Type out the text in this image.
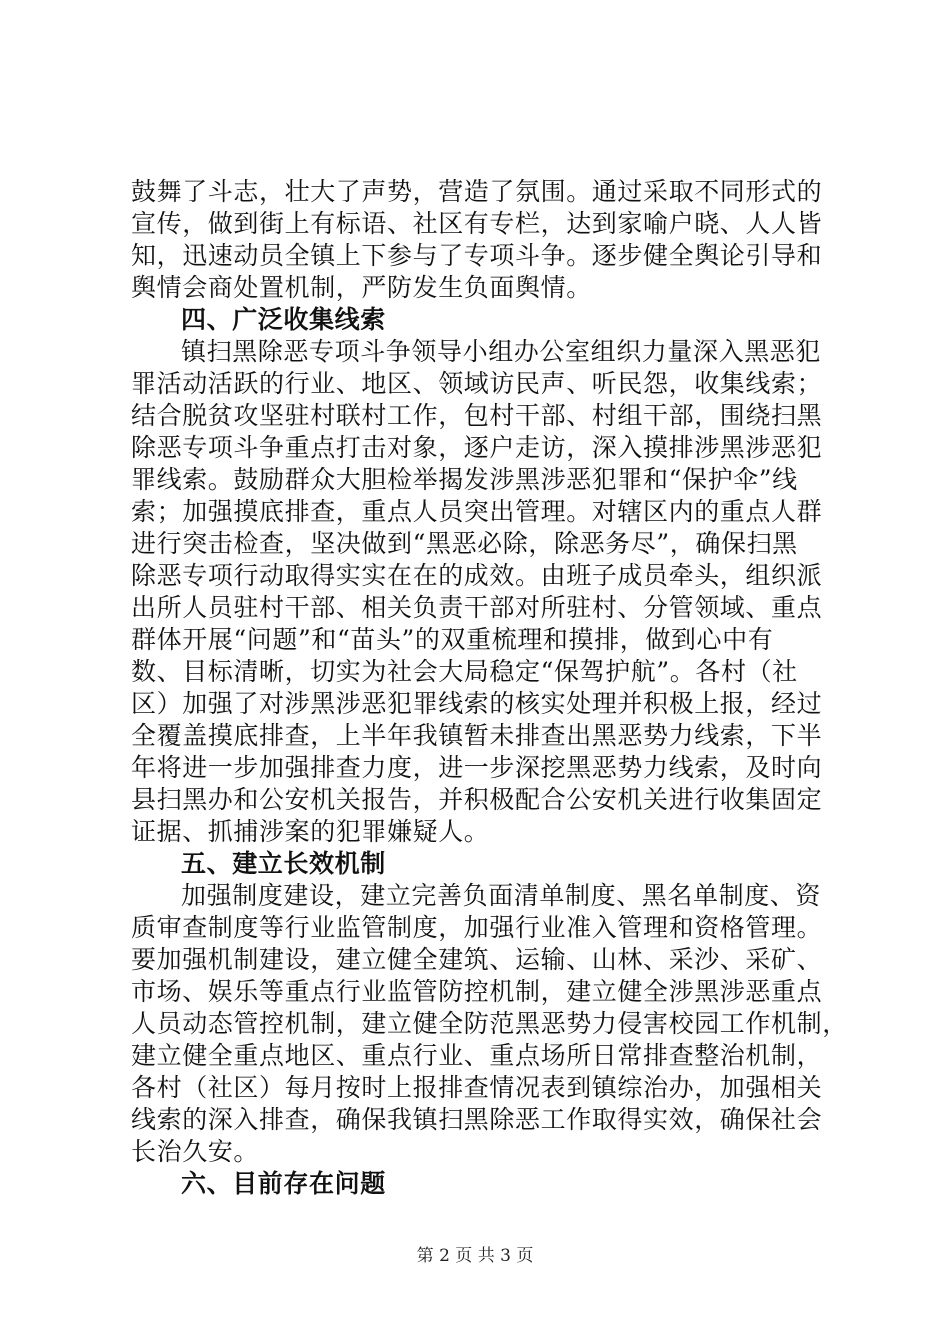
鼓舞了斗志，壮大了声势，营造了氛围。通过采取不同形式的
宣传，做到街上有标语、社区有专栏，达到家喻户晓、人人皆
知，迅速动员全镇上下参与了专项斗争。逐步健全舆论引导和
舆情会商处置机制，严防发生负面舆情。
四、广泛收集线索
镇扫黑除恶专项斗争领导小组办公室组织力量深入黑恶犯
罪活动活跃的行业、地区、领域访民声、听民怨，收集线索；
结合脱贫攻坚驻村联村工作，包村干部、村组干部，围绕扫黑
除恶专项斗争重点打击对象，逐户走访，深入摸排涉黑涉恶犯
罪线索。鼓励群众大胆检举揭发涉黑涉恶犯罪和“保护伞”线
索；加强摸底排查，重点人员突出管理。对辖区内的重点人群
进行突击检查，坚决做到“黑恶必除，除恶务尽”，确保扫黑
除恶专项行动取得实实在在的成效。由班子成员牵头，组织派
出所人员驻村干部、相关负责干部对所驻村、分管领域、重点
群体开展“问题”和“苗头”的双重梳理和摸排，做到心中有
数、目标清晰，切实为社会大局稳定“保驾护航”。各村（社
区）加强了对涉黑涉恶犯罪线索的核实处理并积极上报，经过
全覆盖摸底排查，上半年我镇暂未排查出黑恶势力线索，下半
年将进一步加强排查力度，进一步深挖黑恶势力线索，及时向
县扫黑办和公安机关报告，并积极配合公安机关进行收集固定
证据、抓捕涉案的犯罪嫌疑人。
五、建立长效机制
加强制度建设，建立完善负面清单制度、黑名单制度、资
质审查制度等行业监管制度，加强行业准入管理和资格管理。
要加强机制建设，建立健全建筑、运输、山林、采沙、采矿、
市场、娱乐等重点行业监管防控机制，建立健全涉黑涉恶重点
人员动态管控机制，建立健全防范黑恶势力侵害校园工作机制，
建立健全重点地区、重点行业、重点场所日常排查整治机制，
各村（社区）每月按时上报排查情况表到镇综治办，加强相关
线索的深入排查，确保我镇扫黑除恶工作取得实效，确保社会
长治久安。
六、目前存在问题
第 2 页 共 3 页
